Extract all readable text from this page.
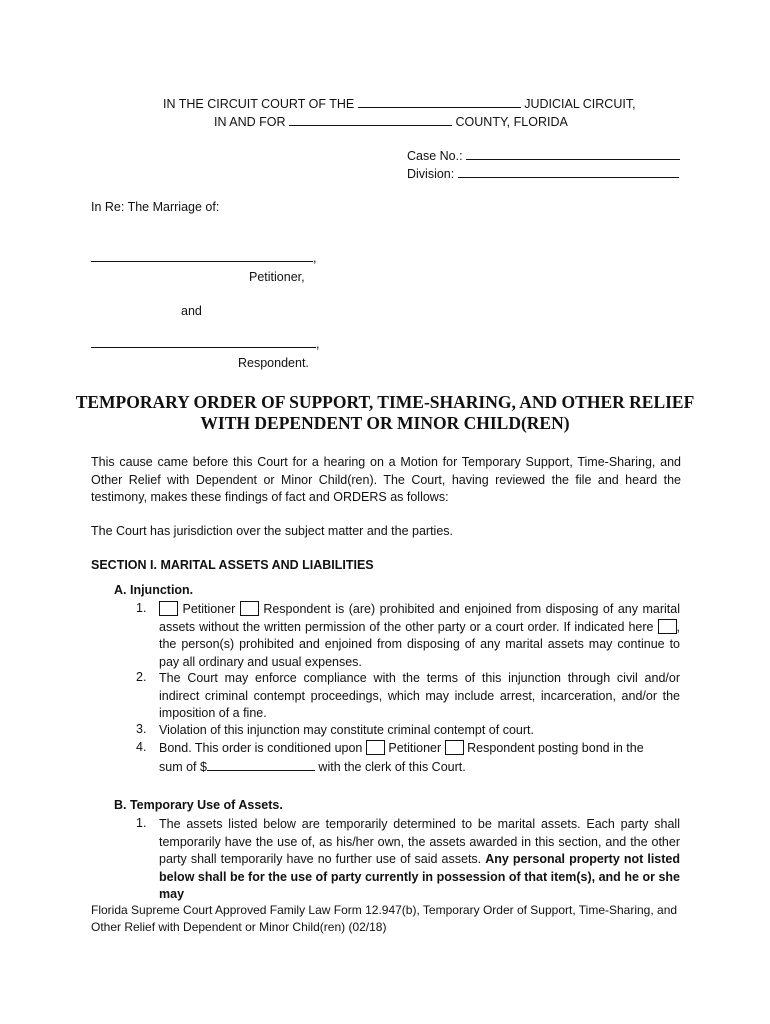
IN THE CIRCUIT COURT OF THE	JUDICIAL CIRCUIT,
IN AND FOR	COUNTY, FLORIDA
Case No.:
Division:
In Re: The Marriage of:
,
Petitioner,
and
,
Respondent.
TEMPORARY ORDER OF SUPPORT, TIME-SHARING, AND OTHER RELIEF
WITH DEPENDENT OR MINOR CHILD(REN)
This cause came before this Court for a hearing on a Motion for Temporary Support, Time-Sharing, and Other Relief with Dependent or Minor Child(ren). The Court, having reviewed the file and heard the testimony, makes these findings of fact and ORDERS as follows:
The Court has jurisdiction over the subject matter and the parties.
SECTION I. MARITAL ASSETS AND LIABILITIES
A. Injunction.
1.	Petitioner Respondent is (are) prohibited and enjoined from disposing of any marital assets without the written permission of the other party or a court order. If indicated here , the person(s) prohibited and enjoined from disposing of any marital assets may continue to pay all ordinary and usual expenses.
2. The Court may enforce compliance with the terms of this injunction through civil and/or indirect criminal contempt proceedings, which may include arrest, incarceration, and/or the imposition of a fine.
3. Violation of this injunction may constitute criminal contempt of court.
4. Bond. This order is conditioned upon Petitioner Respondent posting bond in the
sum of $	with the clerk of this Court.
B. Temporary Use of Assets.
1. The assets listed below are temporarily determined to be marital assets. Each party shall temporarily have the use of, as his/her own, the assets awarded in this section, and the other party shall temporarily have no further use of said assets. Any personal property not listed below shall be for the use of party currently in possession of that item(s), and he or she may
Florida Supreme Court Approved Family Law Form 12.947(b), Temporary Order of Support, Time-Sharing, and
Other Relief with Dependent or Minor Child(ren) (02/18)
